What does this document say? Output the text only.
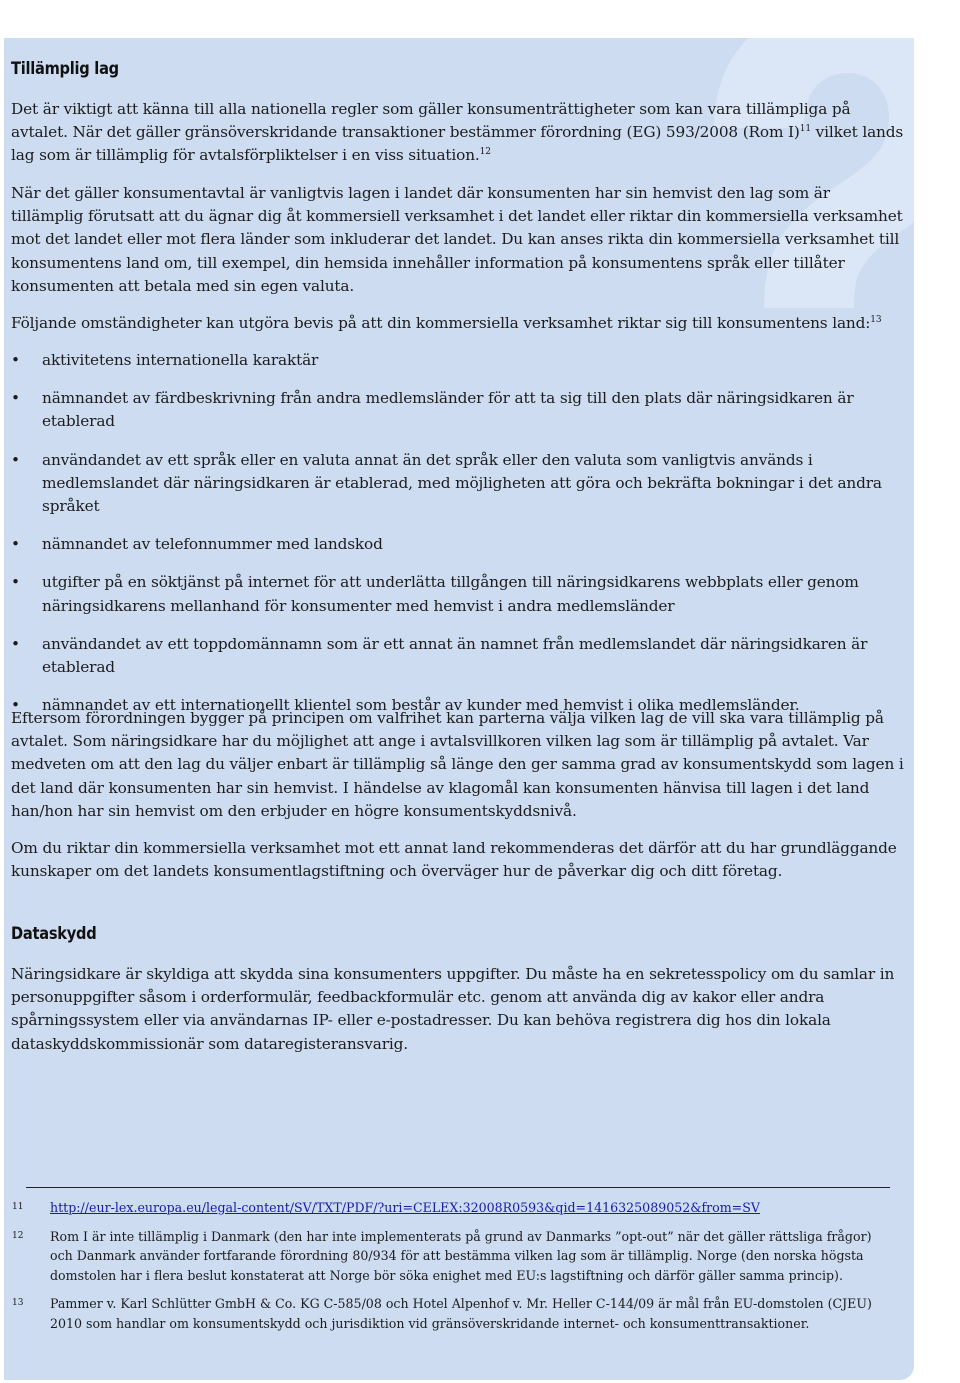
Tillämplig lag

Det är viktigt att känna till alla nationella regler som gäller konsumenträttigheter som kan vara tillämpliga på avtalet. När det gäller gränsöverskridande transaktioner bestämmer förordning (EG) 593/2008 (Rom I)$^{11}$ vilket lands lag som är tillämplig för avtalsförpliktelser i en viss situation.$^{12}$

När det gäller konsumentavtal är vanligtvis lagen i landet där konsumenten har sin hemvist den lag som är tillämplig förutsatt att du ägnar dig åt kommersiell verksamhet i det landet eller riktar din kommersiella verksamhet mot det landet eller mot flera länder som inkluderar det landet. Du kan anses rikta din kommersiella verksamhet till konsumentens land om, till exempel, din hemsida innehåller information på konsumentens språk eller tillåter konsumenten att betala med sin egen valuta.

Följande omständigheter kan utgöra bevis på att din kommersiella verksamhet riktar sig till konsumentens land:$^{13}$

• aktivitetens internationella karaktär
• nämnandet av färdbeskrivning från andra medlemsländer för att ta sig till den plats där näringsidkaren är etablerad
• användandet av ett språk eller en valuta annat än det språk eller den valuta som vanligtvis används i medlemslandet där näringsidkaren är etablerad, med möjligheten att göra och bekräfta bokningar i det andra språket
• nämnandet av telefonnummer med landskod
• utgifter på en söktjänst på internet för att underlätta tillgången till näringsidkarens webbplats eller genom näringsidkarens mellanhand för konsumenter med hemvist i andra medlemsländer
• användandet av ett toppdomännamn som är ett annat än namnet från medlemslandet där näringsidkaren är etablerad
• nämnandet av ett internationellt klientel som består av kunder med hemvist i olika medlemsländer.

Eftersom förordningen bygger på principen om valfrihet kan parterna välja vilken lag de vill ska vara tillämplig på avtalet. Som näringsidkare har du möjlighet att ange i avtalsvillkoren vilken lag som är tillämplig på avtalet. Var medveten om att den lag du väljer enbart är tillämplig så länge den ger samma grad av konsumentskydd som lagen i det land där konsumenten har sin hemvist. I händelse av klagomål kan konsumenten hänvisa till lagen i det land han/hon har sin hemvist om den erbjuder en högre konsumentskyddsnivå.

Om du riktar din kommersiella verksamhet mot ett annat land rekommenderas det därför att du har grundläggande kunskaper om det landets konsumentlagstiftning och överväger hur de påverkar dig och ditt företag.

Dataskydd

Näringsidkare är skyldiga att skydda sina konsumenters uppgifter. Du måste ha en sekretesspolicy om du samlar in personuppgifter såsom i orderformulär, feedbackformulär etc. genom att använda dig av kakor eller andra spårningssystem eller via användarnas IP- eller e-postadresser. Du kan behöva registrera dig hos din lokala dataskyddskommissionär som dataregisteransvarig.

11 http://eur-lex.europa.eu/legal-content/SV/TXT/PDF/?uri=CELEX:32008R0593&qid=1416325089052&from=SV
12 Rom I är inte tillämplig i Danmark (den har inte implementerats på grund av Danmarks ”opt-out” när det gäller rättsliga frågor) och Danmark använder fortfarande förordning 80/934 för att bestämma vilken lag som är tillämplig. Norge (den norska högsta domstolen har i flera beslut konstaterat att Norge bör söka enighet med EU:s lagstiftning och därför gäller samma princip).
13 Pammer v. Karl Schlütter GmbH & Co. KG C-585/08 och Hotel Alpenhof v. Mr. Heller C-144/09 är mål från EU-domstolen (CJEU) 2010 som handlar om konsumentskydd och jurisdiktion vid gränsöverskridande internet- och konsumenttransaktioner.
